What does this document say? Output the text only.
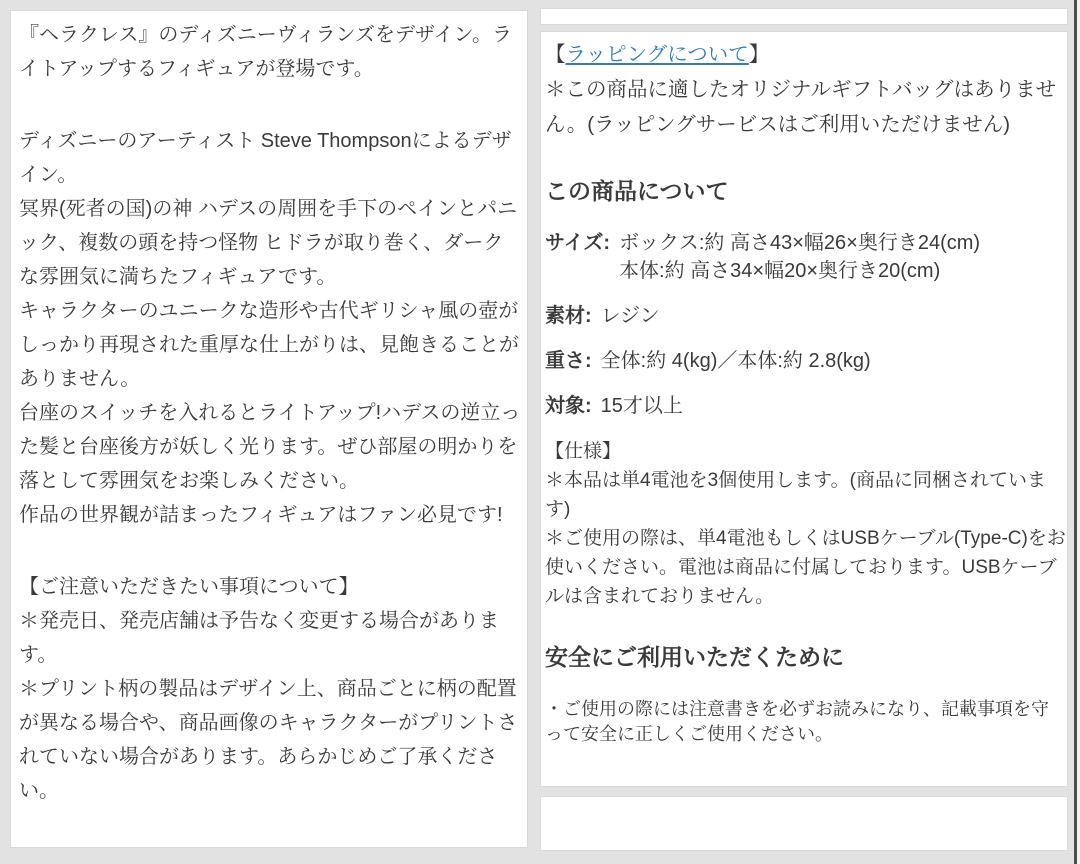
『ヘラクレス』のディズニーヴィランズをデザイン。ライトアップするフィギュアが登場です。

ディズニーのアーティスト Steve Thompsonによるデザイン。
冥界(死者の国)の神 ハデスの周囲を手下のペインとパニック、複数の頭を持つ怪物 ヒドラが取り巻く、ダークな雰囲気に満ちたフィギュアです。
キャラクターのユニークな造形や古代ギリシャ風の壺がしっかり再現された重厚な仕上がりは、見飽きることがありません。
台座のスイッチを入れるとライトアップ!ハデスの逆立った髪と台座後方が妖しく光ります。ぜひ部屋の明かりを落として雰囲気をお楽しみください。

作品の世界観が詰まったフィギュアはファン必見です!

【ご注意いただきたい事項について】
＊発売日、発売店舗は予告なく変更する場合があります。
＊プリント柄の製品はデザイン上、商品ごとに柄の配置が異なる場合や、商品画像のキャラクターがプリントされていない場合があります。あらかじめご了承ください。

【ラッピングについて】
＊この商品に適したオリジナルギフトバッグはありません。(ラッピングサービスはご利用いただけません)
この商品について
サイズ: ボックス:約 高さ43×幅26×奥行き24(cm)
本体:約 高さ34×幅20×奥行き20(cm)
素材: レジン
重さ: 全体:約 4(kg)／本体:約 2.8(kg)
対象: 15才以上
【仕様】
＊本品は単4電池を3個使用します。(商品に同梱されています)
＊ご使用の際は、単4電池もしくはUSBケーブル(Type-C)をお使いください。電池は商品に付属しております。USBケーブルは含まれておりません。
安全にご利用いただくために
・ご使用の際には注意書きを必ずお読みになり、記載事項を守って安全に正しくご使用ください。
